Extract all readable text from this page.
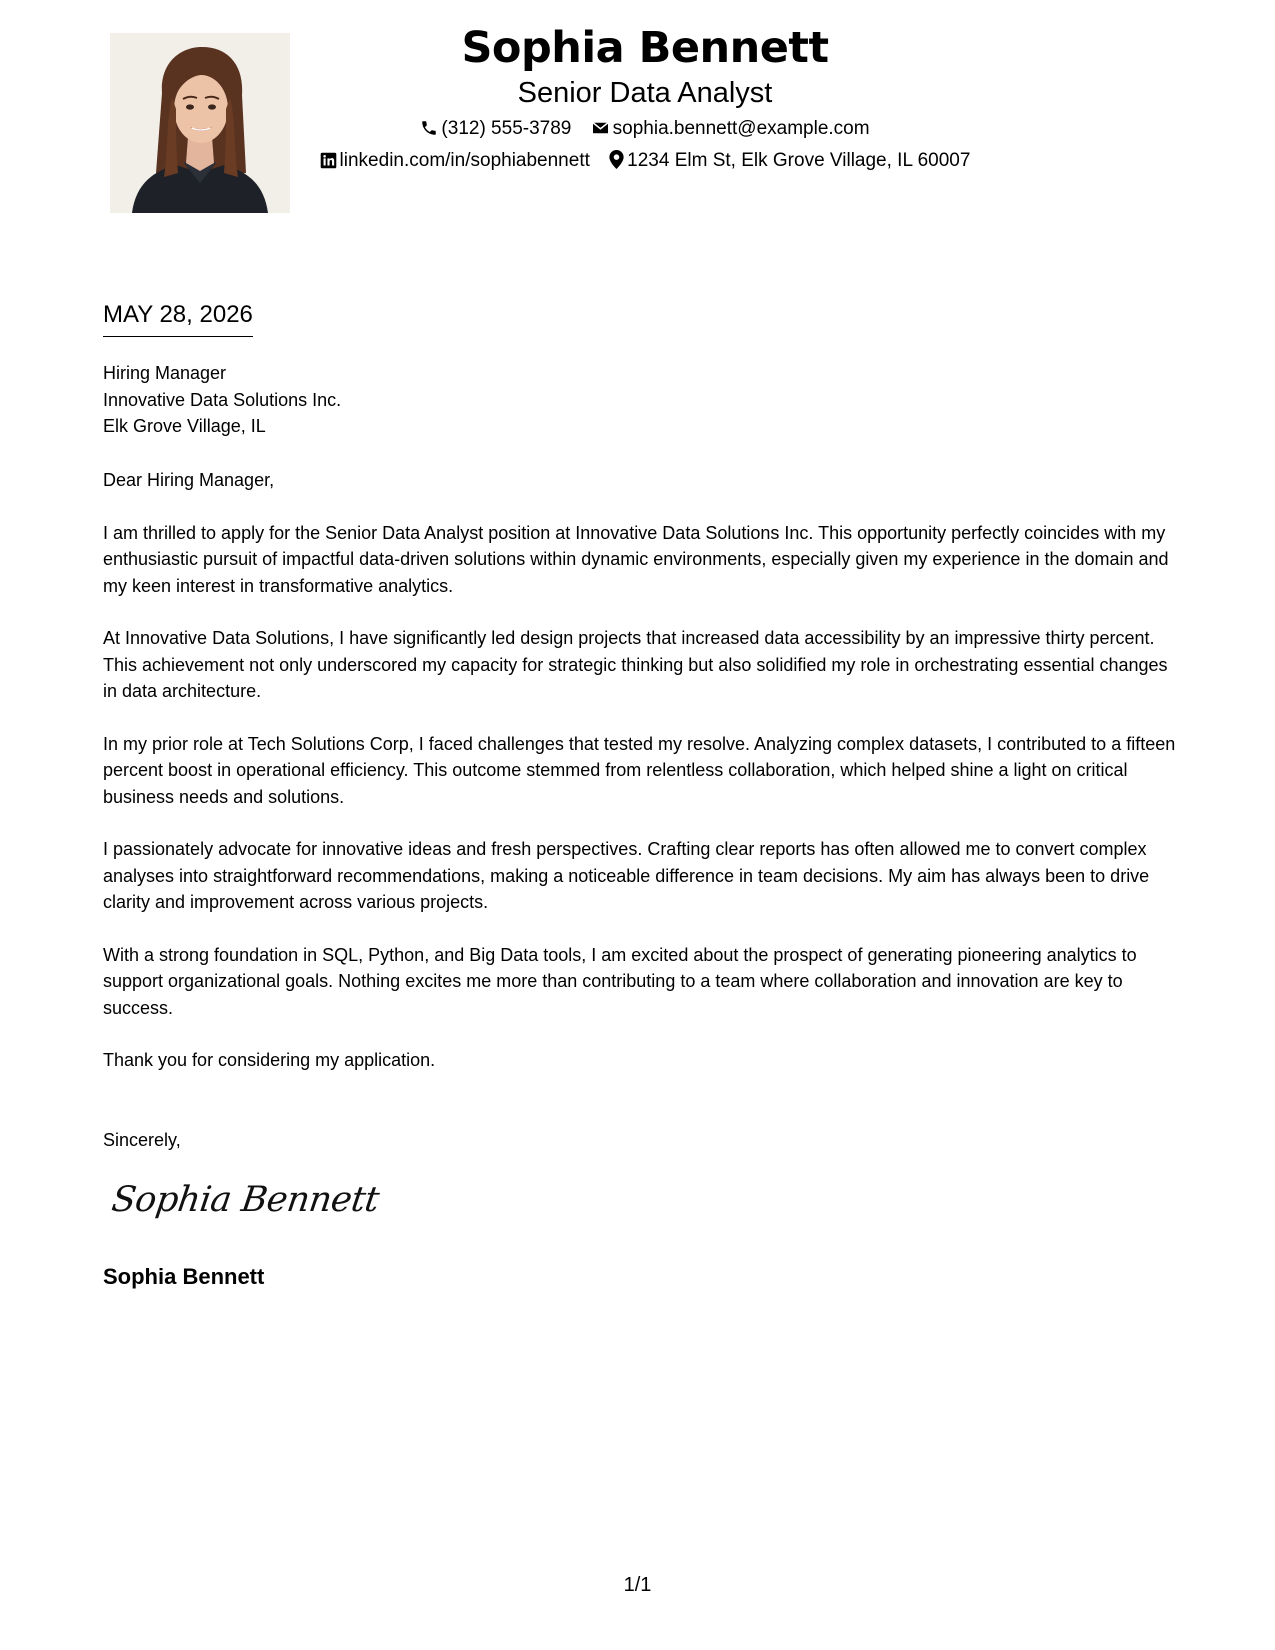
Sophia Bennett
Senior Data Analyst
(312) 555-3789 sophia.bennett@example.com
linkedin.com/in/sophiabennett 1234 Elm St, Elk Grove Village, IL 60007
MAY 28, 2026
Hiring Manager
Innovative Data Solutions Inc.
Elk Grove Village, IL

Dear Hiring Manager,

I am thrilled to apply for the Senior Data Analyst position at Innovative Data Solutions Inc. This opportunity perfectly coincides with my enthusiastic pursuit of impactful data-driven solutions within dynamic environments, especially given my experience in the domain and my keen interest in transformative analytics.

At Innovative Data Solutions, I have significantly led design projects that increased data accessibility by an impressive thirty percent. This achievement not only underscored my capacity for strategic thinking but also solidified my role in orchestrating essential changes in data architecture.

In my prior role at Tech Solutions Corp, I faced challenges that tested my resolve. Analyzing complex datasets, I contributed to a fifteen percent boost in operational efficiency. This outcome stemmed from relentless collaboration, which helped shine a light on critical business needs and solutions.

I passionately advocate for innovative ideas and fresh perspectives. Crafting clear reports has often allowed me to convert complex analyses into straightforward recommendations, making a noticeable difference in team decisions. My aim has always been to drive clarity and improvement across various projects.

With a strong foundation in SQL, Python, and Big Data tools, I am excited about the prospect of generating pioneering analytics to support organizational goals. Nothing excites me more than contributing to a team where collaboration and innovation are key to success.

Thank you for considering my application.

Sincerely,
Sophia Bennett
Sophia Bennett
1/1
